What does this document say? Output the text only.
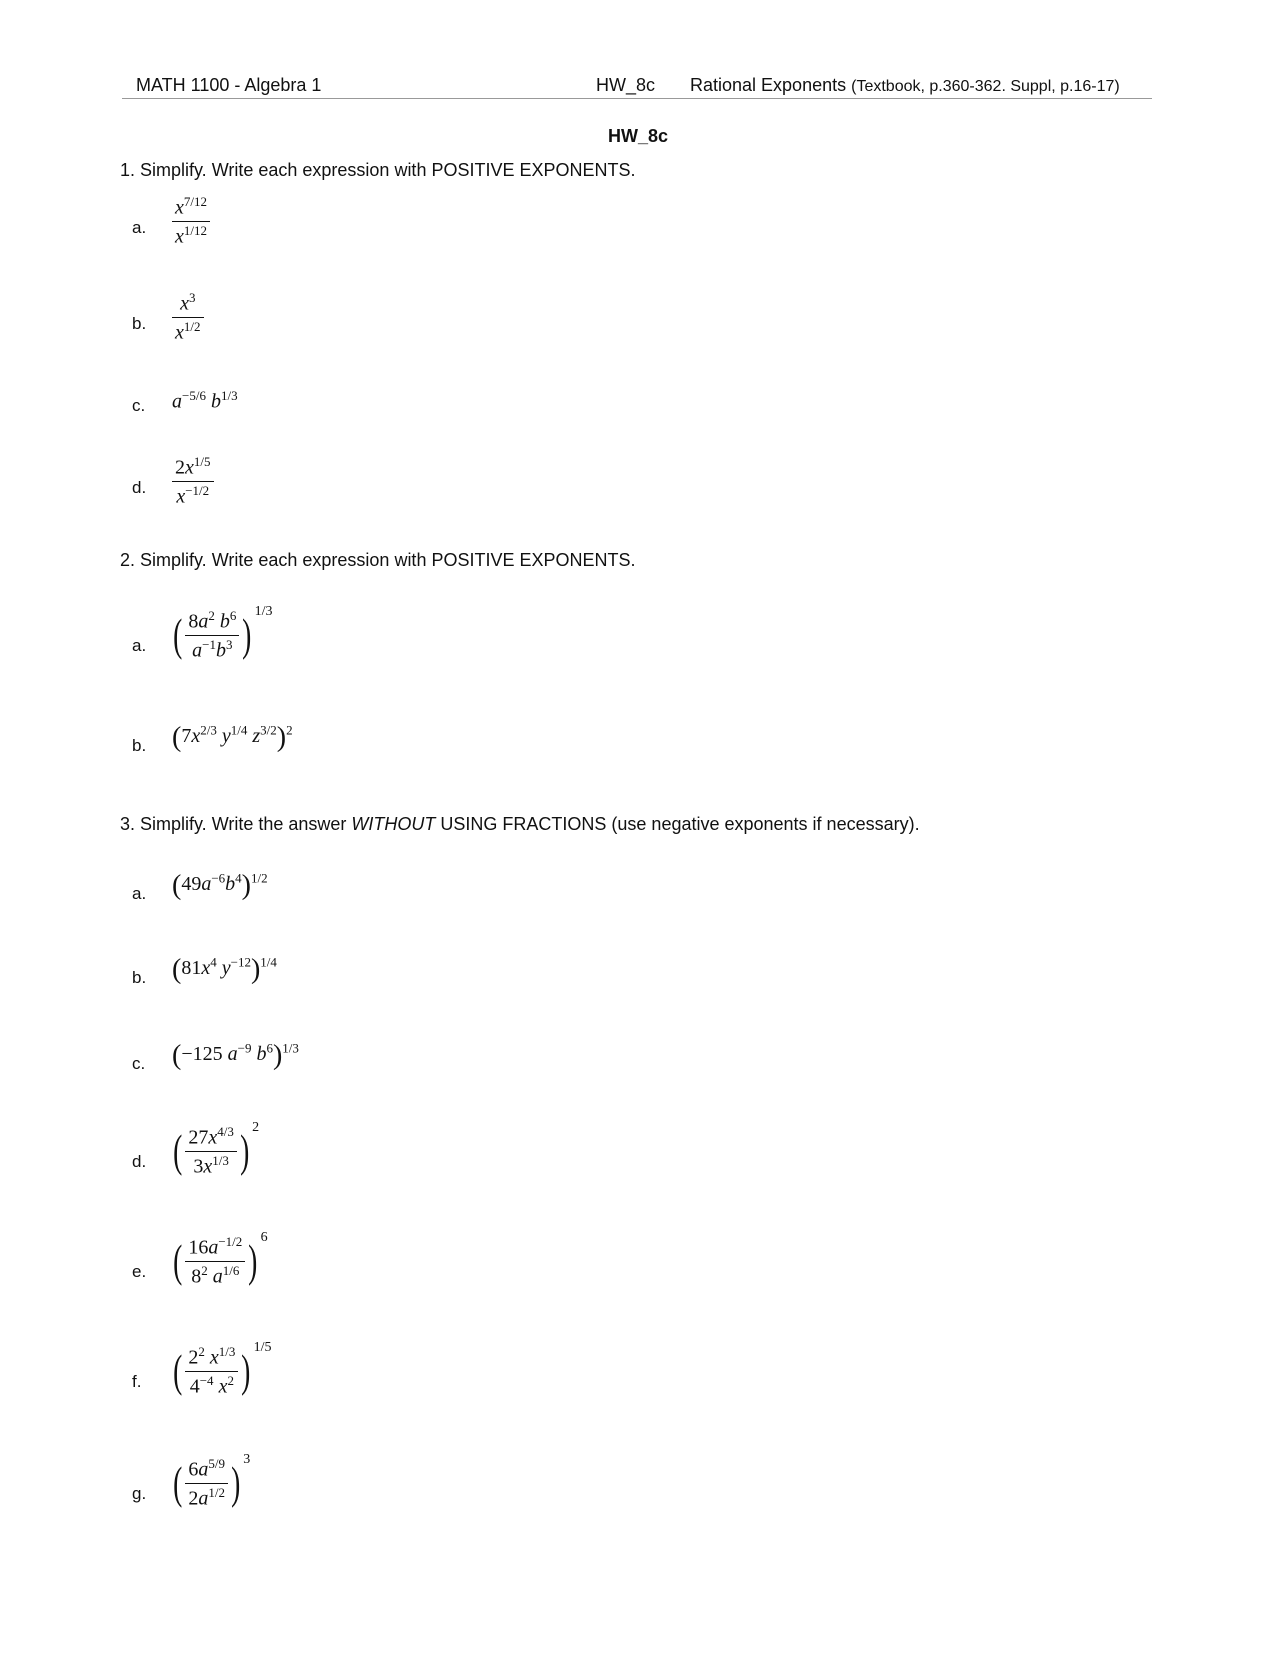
MATH 1100 - Algebra 1	HW_8c Rational Exponents (Textbook, p.360-362. Suppl, p.16-17)
HW_8c
1. Simplify. Write each expression with POSITIVE EXPONENTS.
a. $\frac{x^{7/12}}{x^{1/12}}$
b. $\frac{x^3}{x^{1/2}}$
c. $a^{-5/6}$ $b^{1/3}$
d. $\frac{2x^{1/5}}{x^{-1/2}}$
2. Simplify. Write each expression with POSITIVE EXPONENTS.
a. ( $\frac{8a^2 b^6}{a^{-1}b^3}$ ) 1/3
b. ($7x^{2/3}$ $y^{1/4}$ $z^{3/2})^2$
3. Simplify. Write the answer WITHOUT USING FRACTIONS (use negative exponents if necessary).
a. $(49a^{-6}b^4)^{1/2}$
b. ($81x^4$ $y^{-12})^{1/4}$
c. (−125 $a^{-9}$ $b^6)^{1/3}$
d. ( $\frac{27x^{4/3}}{3x^{1/3}}$ ) 2
e. ( $\frac{16a^{-1/2}}{8^2 a^{1/6}}$ ) 6
f. ( $\frac{2^2 x^{1/3}}{4^{-4} x^2}$ ) 1/5
g. ( $\frac{6a^{5/9}}{2a^{1/2}}$ ) 3
